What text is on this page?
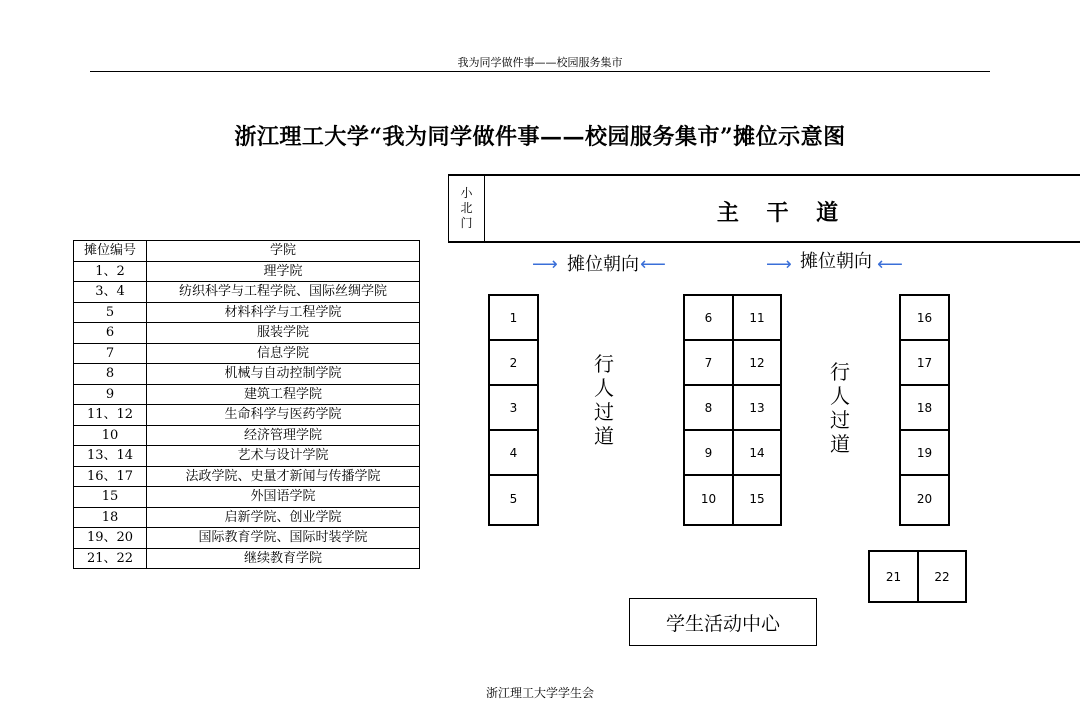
我为同学做件事——校园服务集市
浙江理工大学“我为同学做件事——校园服务集市”摊位示意图
摊位编号	学院
1、2	理学院
3、4	纺织科学与工程学院、国际丝绸学院
5	材料科学与工程学院
6	服装学院
7	信息学院
8	机械与自动控制学院
9	建筑工程学院
11、12	生命科学与医药学院
10	经济管理学院
13、14	艺术与设计学院
16、17	法政学院、史量才新闻与传播学院
15	外国语学院
18	启新学院、创业学院
19、20	国际教育学院、国际时装学院
21、22	继续教育学院
小北门	主 干 道
⟶ 摊位朝向 ⟵	⟶ 摊位朝向 ⟵
1
2
3
4
5
行人过道
6
7
8
9
10
11
12
13
14
15
行人过道
16
17
18
19
20
21	22
学生活动中心
浙江理工大学学生会
